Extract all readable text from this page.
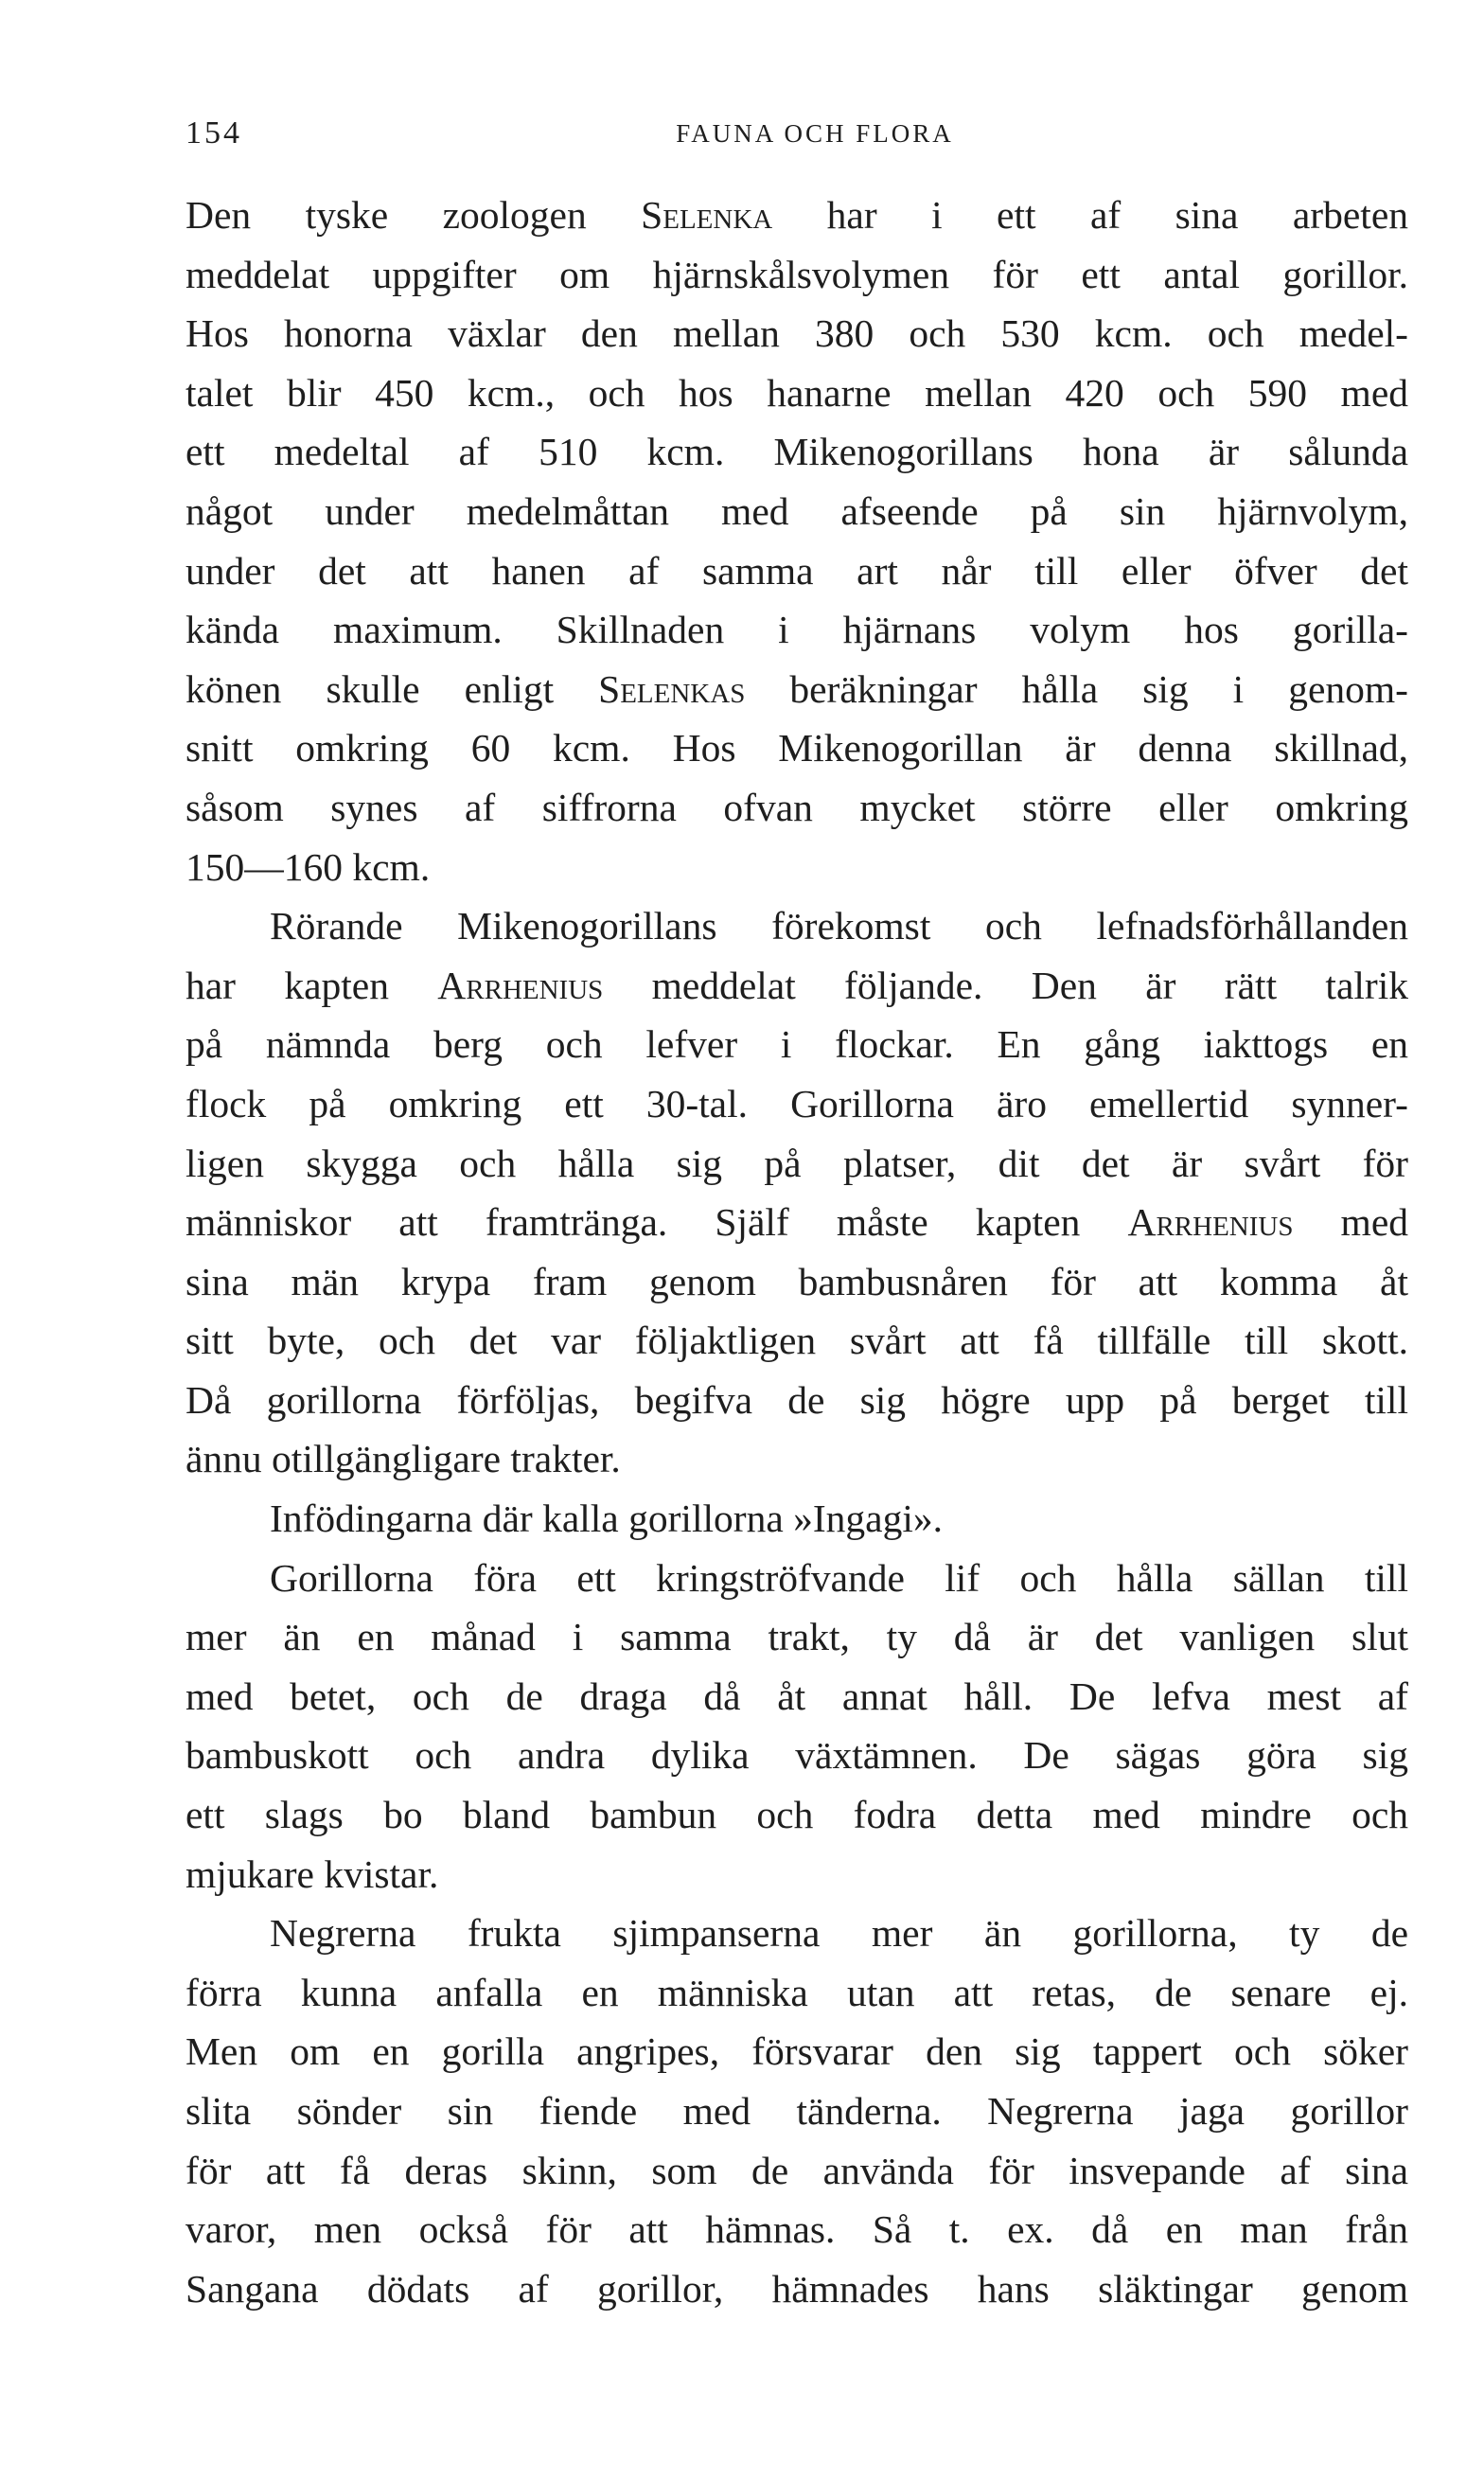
154	FAUNA OCH FLORA
Den tyske zoologen Selenka har i ett af sina arbeten
meddelat uppgifter om hjärnskålsvolymen för ett antal gorillor.
Hos honorna växlar den mellan 380 och 530 kcm. och medel-
talet blir 450 kcm., och hos hanarne mellan 420 och 590 med
ett medeltal af 510 kcm. Mikenogorillans hona är sålunda
något under medelmåttan med afseende på sin hjärnvolym,
under det att hanen af samma art når till eller öfver det
kända maximum. Skillnaden i hjärnans volym hos gorilla-
könen skulle enligt Selenkas beräkningar hålla sig i genom-
snitt omkring 60 kcm. Hos Mikenogorillan är denna skillnad,
såsom synes af siffrorna ofvan mycket större eller omkring
150—160 kcm.
Rörande Mikenogorillans förekomst och lefnadsförhållanden
har kapten Arrhenius meddelat följande. Den är rätt talrik
på nämnda berg och lefver i flockar. En gång iakttogs en
flock på omkring ett 30-tal. Gorillorna äro emellertid synner-
ligen skygga och hålla sig på platser, dit det är svårt för
människor att framtränga. Själf måste kapten Arrhenius med
sina män krypa fram genom bambusnåren för att komma åt
sitt byte, och det var följaktligen svårt att få tillfälle till skott.
Då gorillorna förföljas, begifva de sig högre upp på berget till
ännu otillgängligare trakter.
Infödingarna där kalla gorillorna »Ingagi».
Gorillorna föra ett kringströfvande lif och hålla sällan till
mer än en månad i samma trakt, ty då är det vanligen slut
med betet, och de draga då åt annat håll. De lefva mest af
bambuskott och andra dylika växtämnen. De sägas göra sig
ett slags bo bland bambun och fodra detta med mindre och
mjukare kvistar.
Negrerna frukta sjimpanserna mer än gorillorna, ty de
förra kunna anfalla en människa utan att retas, de senare ej.
Men om en gorilla angripes, försvarar den sig tappert och söker
slita sönder sin fiende med tänderna. Negrerna jaga gorillor
för att få deras skinn, som de använda för insvepande af sina
varor, men också för att hämnas. Så t. ex. då en man från
Sangana dödats af gorillor, hämnades hans släktingar genom
